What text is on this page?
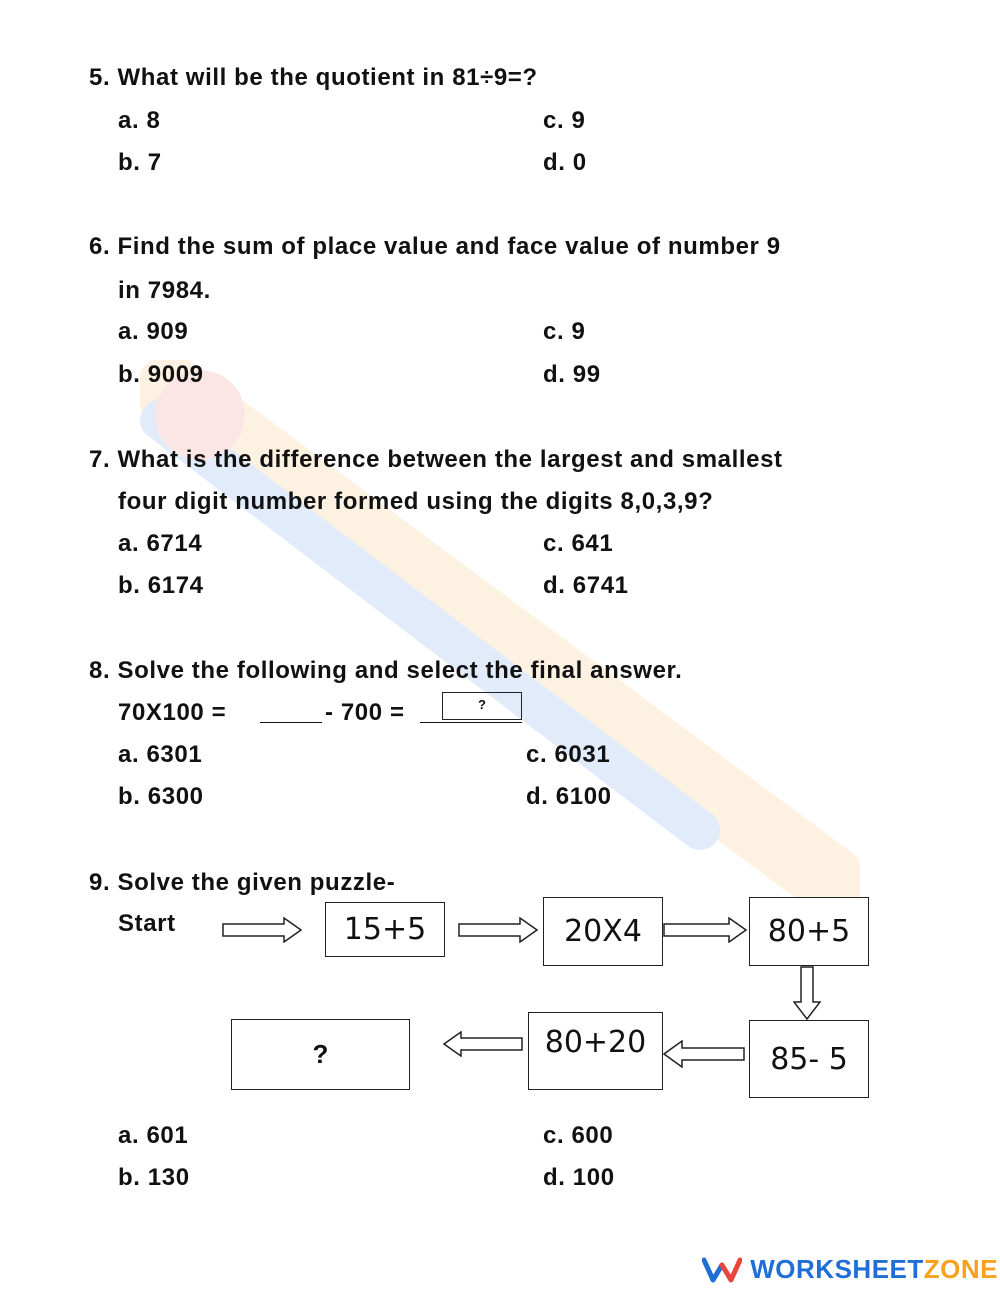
5. What will be the quotient in 81÷9=?
a. 8	c. 9
b. 7	d. 0
6. Find the sum of place value and face value of number 9
in 7984.
a. 909	c. 9
b. 9009	d. 99
7. What is the difference between the largest and smallest
four digit number formed using the digits 8,0,3,9?
a. 6714	c. 641
b. 6174	d. 6741
8. Solve the following and select the final answer.
70X100 =	- 700 =	?
a. 6301	c. 6031
b. 6300	d. 6100
9. Solve the given puzzle-
Start	15+5	20X4	80+5
85- 5
80+20
?
a. 601	c. 600
b. 130	d. 100
WORKSHEETZONE
